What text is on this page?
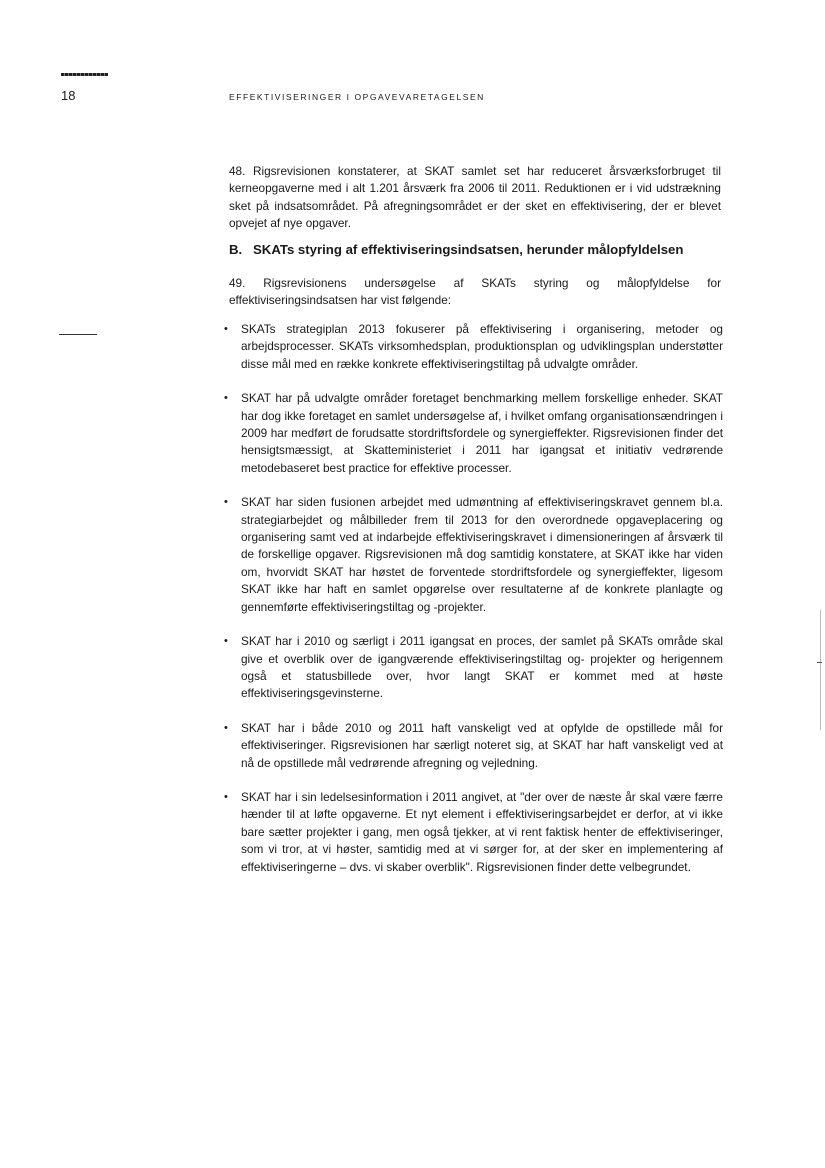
18	EFFEKTIVISERINGER I OPGAVEVARETAGELSEN
48. Rigsrevisionen konstaterer, at SKAT samlet set har reduceret årsværksforbruget til kerneopgaverne med i alt 1.201 årsværk fra 2006 til 2011. Reduktionen er i vid udstrækning sket på indsatsområdet. På afregningsområdet er der sket en effektivisering, der er blevet opvejet af nye opgaver.
B. SKATs styring af effektiviseringsindsatsen, herunder målopfyldelsen
49. Rigsrevisionens undersøgelse af SKATs styring og målopfyldelse for effektiviseringsindsatsen har vist følgende:
• SKATs strategiplan 2013 fokuserer på effektivisering i organisering, metoder og arbejdsprocesser. SKATs virksomhedsplan, produktionsplan og udviklingsplan understøtter disse mål med en række konkrete effektiviseringstiltag på udvalgte områder.
• SKAT har på udvalgte områder foretaget benchmarking mellem forskellige enheder. SKAT har dog ikke foretaget en samlet undersøgelse af, i hvilket omfang organisationsændringen i 2009 har medført de forudsatte stordriftsfordele og synergieffekter. Rigsrevisionen finder det hensigtsmæssigt, at Skatteministeriet i 2011 har igangsat et initiativ vedrørende metodebaseret best practice for effektive processer.
• SKAT har siden fusionen arbejdet med udmøntning af effektiviseringskravet gennem bl.a. strategiarbejdet og målbilleder frem til 2013 for den overordnede opgaveplacering og organisering samt ved at indarbejde effektiviseringskravet i dimensioneringen af årsværk til de forskellige opgaver. Rigsrevisionen må dog samtidig konstatere, at SKAT ikke har viden om, hvorvidt SKAT har høstet de forventede stordriftsfordele og synergieffekter, ligesom SKAT ikke har haft en samlet opgørelse over resultaterne af de konkrete planlagte og gennemførte effektiviseringstiltag og -projekter.
• SKAT har i 2010 og særligt i 2011 igangsat en proces, der samlet på SKATs område skal give et overblik over de igangværende effektiviseringstiltag og- projekter og herigennem også et statusbillede over, hvor langt SKAT er kommet med at høste effektiviseringsgevinsterne.
• SKAT har i både 2010 og 2011 haft vanskeligt ved at opfylde de opstillede mål for effektiviseringer. Rigsrevisionen har særligt noteret sig, at SKAT har haft vanskeligt ved at nå de opstillede mål vedrørende afregning og vejledning.
• SKAT har i sin ledelsesinformation i 2011 angivet, at "der over de næste år skal være færre hænder til at løfte opgaverne. Et nyt element i effektiviseringsarbejdet er derfor, at vi ikke bare sætter projekter i gang, men også tjekker, at vi rent faktisk henter de effektiviseringer, som vi tror, at vi høster, samtidig med at vi sørger for, at der sker en implementering af effektiviseringerne – dvs. vi skaber overblik". Rigsrevisionen finder dette velbegrundet.
